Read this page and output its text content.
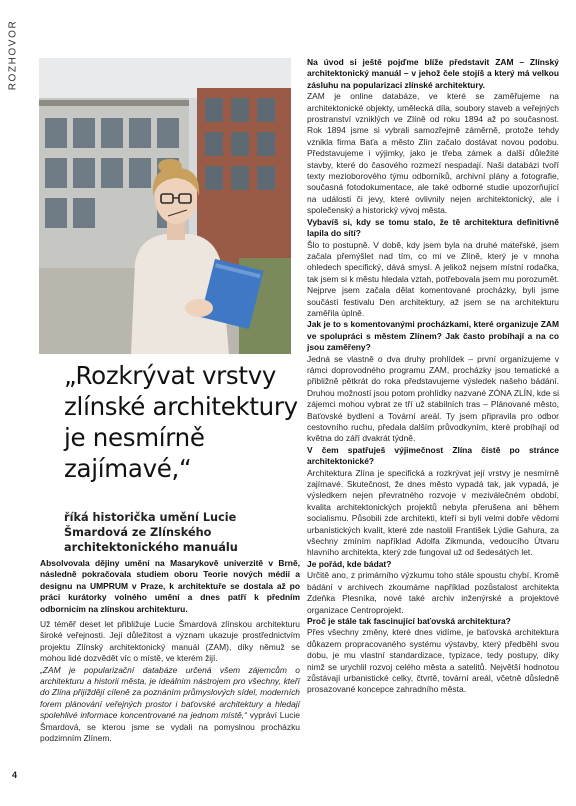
ROZHOVOR
„Rozkrývat vrstvy zlínské architektury je nesmírně zajímavé,“

říká historička umění Lucie Šmardová ze Zlínského architektonického manuálu

Absolvovala dějiny umění na Masarykově univerzitě v Brně, následně pokračovala studiem oboru Teorie nových médií a designu na UMPRUM v Praze, k architektuře se dostala až po práci kurátorky volného umění a dnes patří k předním odbornicím na zlínskou architekturu.

Už téměř deset let přibližuje Lucie Šmardová zlínskou architekturu široké veřejnosti. Její důležitost a význam ukazuje prostřednictvím projektu Zlínský architektonický manuál (ZAM), díky němuž se mohou lidé dozvědět víc o místě, ve kterém žijí.

„ZAM je popularizační databáze určená všem zájemcům o architekturu a historii města, je ideálním nástrojem pro všechny, kteří do Zlína přijíždějí cíleně za poznáním průmyslových sídel, moderních forem plánování veřejných prostor i baťovské architektury a hledají spolehlivé informace koncentrované na jednom místě,“ vypráví Lucie Šmardová, se kterou jsme se vydali na pomyslnou procházku podzimním Zlínem.

Na úvod si ještě pojďme blíže představit ZAM – Zlínský architektonický manuál – v jehož čele stojíš a který má velkou zásluhu na popularizaci zlínské architektury.

ZAM je online databáze, ve které se zaměřujeme na architektonické objekty, umělecká díla, soubory staveb a veřejných prostranství vzniklých ve Zlíně od roku 1894 až po současnost. Rok 1894 jsme si vybrali samozřejmě záměrně, protože tehdy vznikla firma Baťa a město Zlín začalo dostávat novou podobu. Představujeme i výjimky, jako je třeba zámek a další důležité stavby, které do časového rozmezí nespadají. Naši databázi tvoří texty mezioborového týmu odborníků, archivní plány a fotografie, současná fotodokumentace, ale také odborné studie upozorňující na události či jevy, které ovlivnily nejen architektonický, ale i společenský a historický vývoj města.

Vybavíš si, kdy se tomu stalo, že tě architektura definitivně lapila do sítí?

Šlo to postupně. V době, kdy jsem byla na druhé mateřské, jsem začala přemýšlet nad tím, co mi ve Zlíně, který je v mnoha ohledech specifický, dává smysl. A jelikož nejsem místní rodačka, tak jsem si k městu hledala vztah, potřebovala jsem mu porozumět. Nejprve jsem začala dělat komentované procházky, byli jsme součástí festivalu Den architektury, až jsem se na architekturu zaměřila úplně.

Jak je to s komentovanými procházkami, které organizuje ZAM ve spolupráci s městem Zlínem? Jak často probíhají a na co jsou zaměřeny?

Jedná se vlastně o dva druhy prohlídek – první organizujeme v rámci doprovodného programu ZAM, procházky jsou tematické a přibližně pětkrát do roka představujeme výsledek našeho bádání. Druhou možností jsou potom prohlídky nazvané ZÓNA ZLÍN, kde si zájemci mohou vybrat ze tří už stabilních tras – Plánované město, Baťovské bydlení a Tovární areál. Ty jsem připravila pro odbor cestovního ruchu, předala dalším průvodkyním, které probíhají od května do září dvakrát týdně.

V čem spatřuješ výjimečnost Zlína čistě po stránce architektonické?

Architektura Zlína je specifická a rozkrývat její vrstvy je nesmírně zajímavé. Skutečnost, že dnes město vypadá tak, jak vypadá, je výsledkem nejen převratného rozvoje v meziválečném období, kvalita architektonických projektů nebyla přerušena ani během socialismu. Působili zde architekti, kteří si byli velmi dobře vědomi urbanistických kvalit, které zde nastolil František Lýdie Gahura, za všechny zmíním například Adolfa Zikmunda, vedoucího Útvaru hlavního architekta, který zde fungoval už od šedesátých let.

Je pořád, kde bádat?

Určitě ano, z primárního výzkumu toho stále spoustu chybí. Kromě bádání v archivech zkoumáme například pozůstalost architekta Zdeňka Plesníka, nové také archiv inženýrské a projektové organizace Centroprojekt.

Proč je stále tak fascinující baťovská architektura?

Přes všechny změny, které dnes vidíme, je baťovská architektura důkazem propracovaného systému výstavby, který předběhl svou dobu, je mu vlastní standardizace, typizace, tedy postupy, díky nimž se urychlil rozvoj celého města a satelitů. Největší hodnotou zůstávají urbanistické celky, čtvrtě, tovární areál, včetně důsledně prosazované koncepce zahradního města.

4
